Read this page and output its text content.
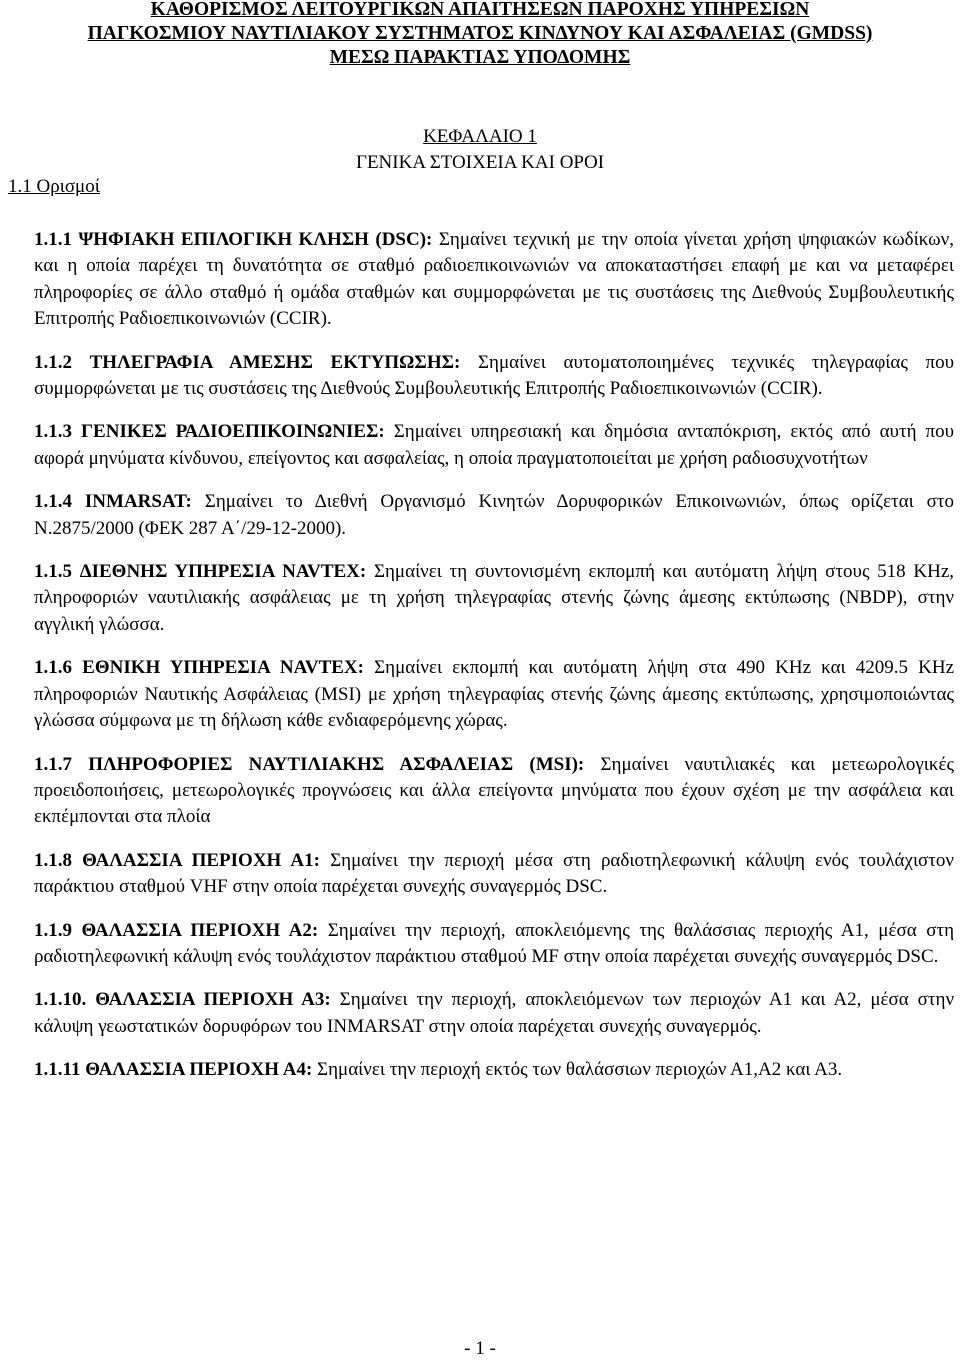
ΚΑΘΟΡΙΣΜΟΣ ΛΕΙΤΟΥΡΓΙΚΩΝ ΑΠΑΙΤΗΣΕΩΝ ΠΑΡΟΧΗΣ ΥΠΗΡΕΣΙΩΝ
ΠΑΓΚΟΣΜΙΟΥ ΝΑΥΤΙΛΙΑΚΟΥ ΣΥΣΤΗΜΑΤΟΣ ΚΙΝΔΥΝΟΥ ΚΑΙ ΑΣΦΑΛΕΙΑΣ (GMDSS)
ΜΕΣΩ ΠΑΡΑΚΤΙΑΣ ΥΠΟΔΟΜΗΣ
ΚΕΦΑΛΑΙΟ 1
ΓΕΝΙΚΑ ΣΤΟΙΧΕΙΑ ΚΑΙ ΟΡΟΙ
1.1 Ορισμοί

1.1.1 ΨΗΦΙΑΚΗ ΕΠΙΛΟΓΙΚΗ ΚΛΗΣΗ (DSC): Σημαίνει τεχνική με την οποία γίνεται χρήση ψηφιακών κωδίκων, και η οποία παρέχει τη δυνατότητα σε σταθμό ραδιοεπικοινωνιών να αποκαταστήσει επαφή με και να μεταφέρει πληροφορίες σε άλλο σταθμό ή ομάδα σταθμών και συμμορφώνεται με τις συστάσεις της Διεθνούς Συμβουλευτικής Επιτροπής Ραδιοεπικοινωνιών (CCIR).

1.1.2 ΤΗΛΕΓΡΑΦΙΑ ΑΜΕΣΗΣ ΕΚΤΥΠΩΣΗΣ: Σημαίνει αυτοματοποιημένες τεχνικές τηλεγραφίας που συμμορφώνεται με τις συστάσεις της Διεθνούς Συμβουλευτικής Επιτροπής Ραδιοεπικοινωνιών (CCIR).

1.1.3 ΓΕΝΙΚΕΣ ΡΑΔΙΟΕΠΙΚΟΙΝΩΝΙΕΣ: Σημαίνει υπηρεσιακή και δημόσια ανταπόκριση, εκτός από αυτή που αφορά μηνύματα κίνδυνου, επείγοντος και ασφαλείας, η οποία πραγματοποιείται με χρήση ραδιοσυχνοτήτων

1.1.4 INMARSAT: Σημαίνει το Διεθνή Οργανισμό Κινητών Δορυφορικών Επικοινωνιών, όπως ορίζεται στο Ν.2875/2000 (ΦΕΚ 287 Α΄/29-12-2000).

1.1.5 ΔΙΕΘΝΗΣ ΥΠΗΡΕΣΙΑ NAVTEX: Σημαίνει τη συντονισμένη εκπομπή και αυτόματη λήψη στους 518 KHz, πληροφοριών ναυτιλιακής ασφάλειας με τη χρήση τηλεγραφίας στενής ζώνης άμεσης εκτύπωσης (NBDP), στην αγγλική γλώσσα.

1.1.6 ΕΘΝΙΚΗ ΥΠΗΡΕΣΙΑ NAVTEX: Σημαίνει εκπομπή και αυτόματη λήψη στα 490 KHz και 4209.5 KHz πληροφοριών Ναυτικής Ασφάλειας (MSI) με χρήση τηλεγραφίας στενής ζώνης άμεσης εκτύπωσης, χρησιμοποιώντας γλώσσα σύμφωνα με τη δήλωση κάθε ενδιαφερόμενης χώρας.

1.1.7 ΠΛΗΡΟΦΟΡΙΕΣ ΝΑΥΤΙΛΙΑΚΗΣ ΑΣΦΑΛΕΙΑΣ (MSI): Σημαίνει ναυτιλιακές και μετεωρολογικές προειδοποιήσεις, μετεωρολογικές προγνώσεις και άλλα επείγοντα μηνύματα που έχουν σχέση με την ασφάλεια και εκπέμπονται στα πλοία

1.1.8 ΘΑΛΑΣΣΙΑ ΠΕΡΙΟΧΗ Α1: Σημαίνει την περιοχή μέσα στη ραδιοτηλεφωνική κάλυψη ενός τουλάχιστον παράκτιου σταθμού VHF στην οποία παρέχεται συνεχής συναγερμός DSC.

1.1.9 ΘΑΛΑΣΣΙΑ ΠΕΡΙΟΧΗ Α2: Σημαίνει την περιοχή, αποκλειόμενης της θαλάσσιας περιοχής Α1, μέσα στη ραδιοτηλεφωνική κάλυψη ενός τουλάχιστον παράκτιου σταθμού MF στην οποία παρέχεται συνεχής συναγερμός DSC.

1.1.10. ΘΑΛΑΣΣΙΑ ΠΕΡΙΟΧΗ Α3: Σημαίνει την περιοχή, αποκλειόμενων των περιοχών Α1 και Α2, μέσα στην κάλυψη γεωστατικών δορυφόρων του INMARSAT στην οποία παρέχεται συνεχής συναγερμός.

1.1.11 ΘΑΛΑΣΣΙΑ ΠΕΡΙΟΧΗ Α4: Σημαίνει την περιοχή εκτός των θαλάσσιων περιοχών Α1,Α2 και Α3.

- 1 -
